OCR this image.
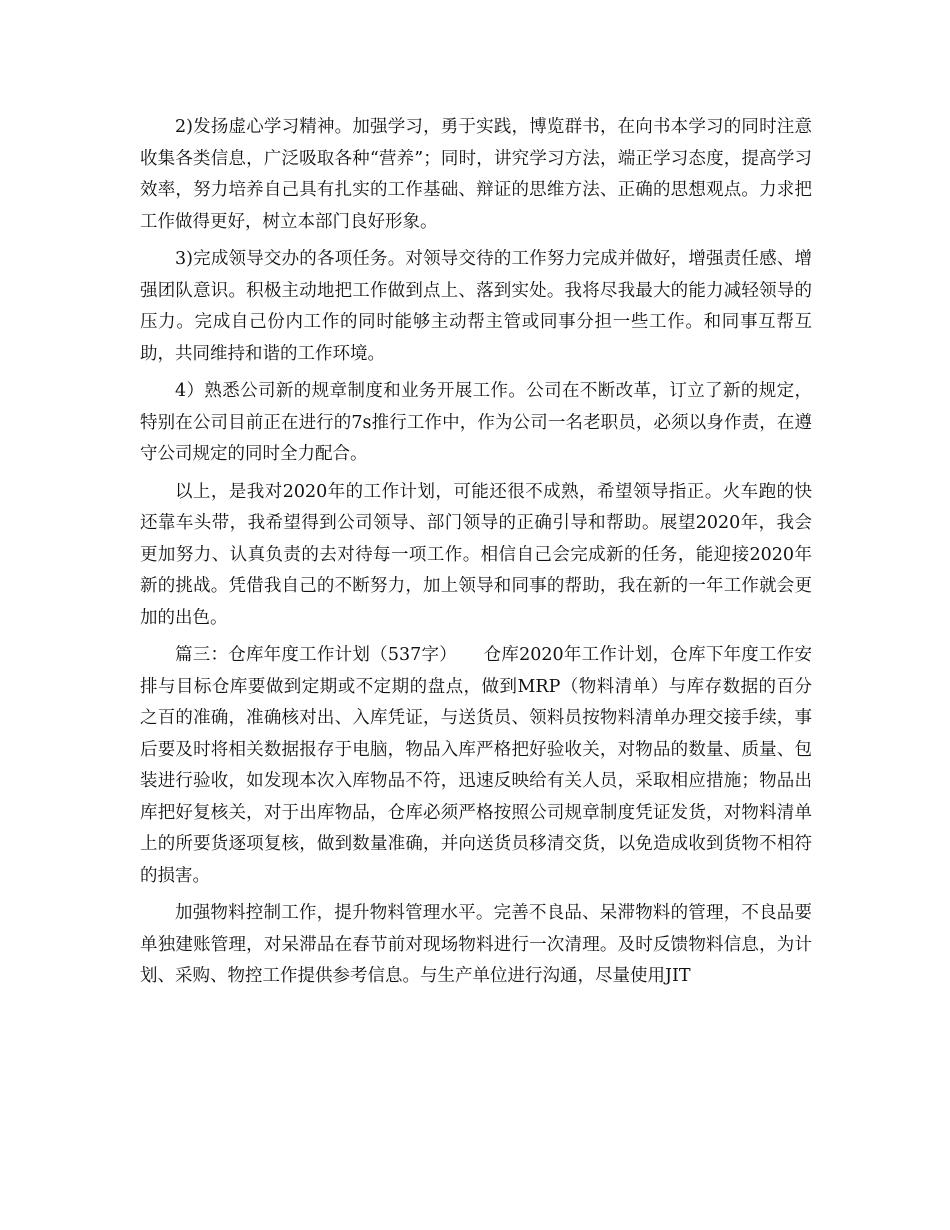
2)发扬虚心学习精神。加强学习，勇于实践，博览群书，在向书本学习的同时注意收集各类信息，广泛吸取各种“营养”；同时，讲究学习方法，端正学习态度，提高学习效率，努力培养自己具有扎实的工作基础、辩证的思维方法、正确的思想观点。力求把工作做得更好，树立本部门良好形象。

3)完成领导交办的各项任务。对领导交待的工作努力完成并做好，增强责任感、增强团队意识。积极主动地把工作做到点上、落到实处。我将尽我最大的能力减轻领导的压力。完成自己份内工作的同时能够主动帮主管或同事分担一些工作。和同事互帮互助，共同维持和谐的工作环境。

4）熟悉公司新的规章制度和业务开展工作。公司在不断改革，订立了新的规定，特别在公司目前正在进行的7s推行工作中，作为公司一名老职员，必须以身作责，在遵守公司规定的同时全力配合。

以上，是我对2020年的工作计划，可能还很不成熟，希望领导指正。火车跑的快还靠车头带，我希望得到公司领导、部门领导的正确引导和帮助。展望2020年，我会更加努力、认真负责的去对待每一项工作。相信自己会完成新的任务，能迎接2020年新的挑战。凭借我自己的不断努力，加上领导和同事的帮助，我在新的一年工作就会更加的出色。

篇三：仓库年度工作计划（537字）　　仓库2020年工作计划，仓库下年度工作安排与目标仓库要做到定期或不定期的盘点，做到MRP（物料清单）与库存数据的百分之百的准确，准确核对出、入库凭证，与送货员、领料员按物料清单办理交接手续，事后要及时将相关数据报存于电脑，物品入库严格把好验收关，对物品的数量、质量、包装进行验收，如发现本次入库物品不符，迅速反映给有关人员，采取相应措施；物品出库把好复核关，对于出库物品，仓库必须严格按照公司规章制度凭证发货，对物料清单上的所要货逐项复核，做到数量准确，并向送货员移清交货，以免造成收到货物不相符的损害。

加强物料控制工作，提升物料管理水平。完善不良品、呆滞物料的管理，不良品要单独建账管理，对呆滞品在春节前对现场物料进行一次清理。及时反馈物料信息，为计划、采购、物控工作提供参考信息。与生产单位进行沟通，尽量使用JIT
